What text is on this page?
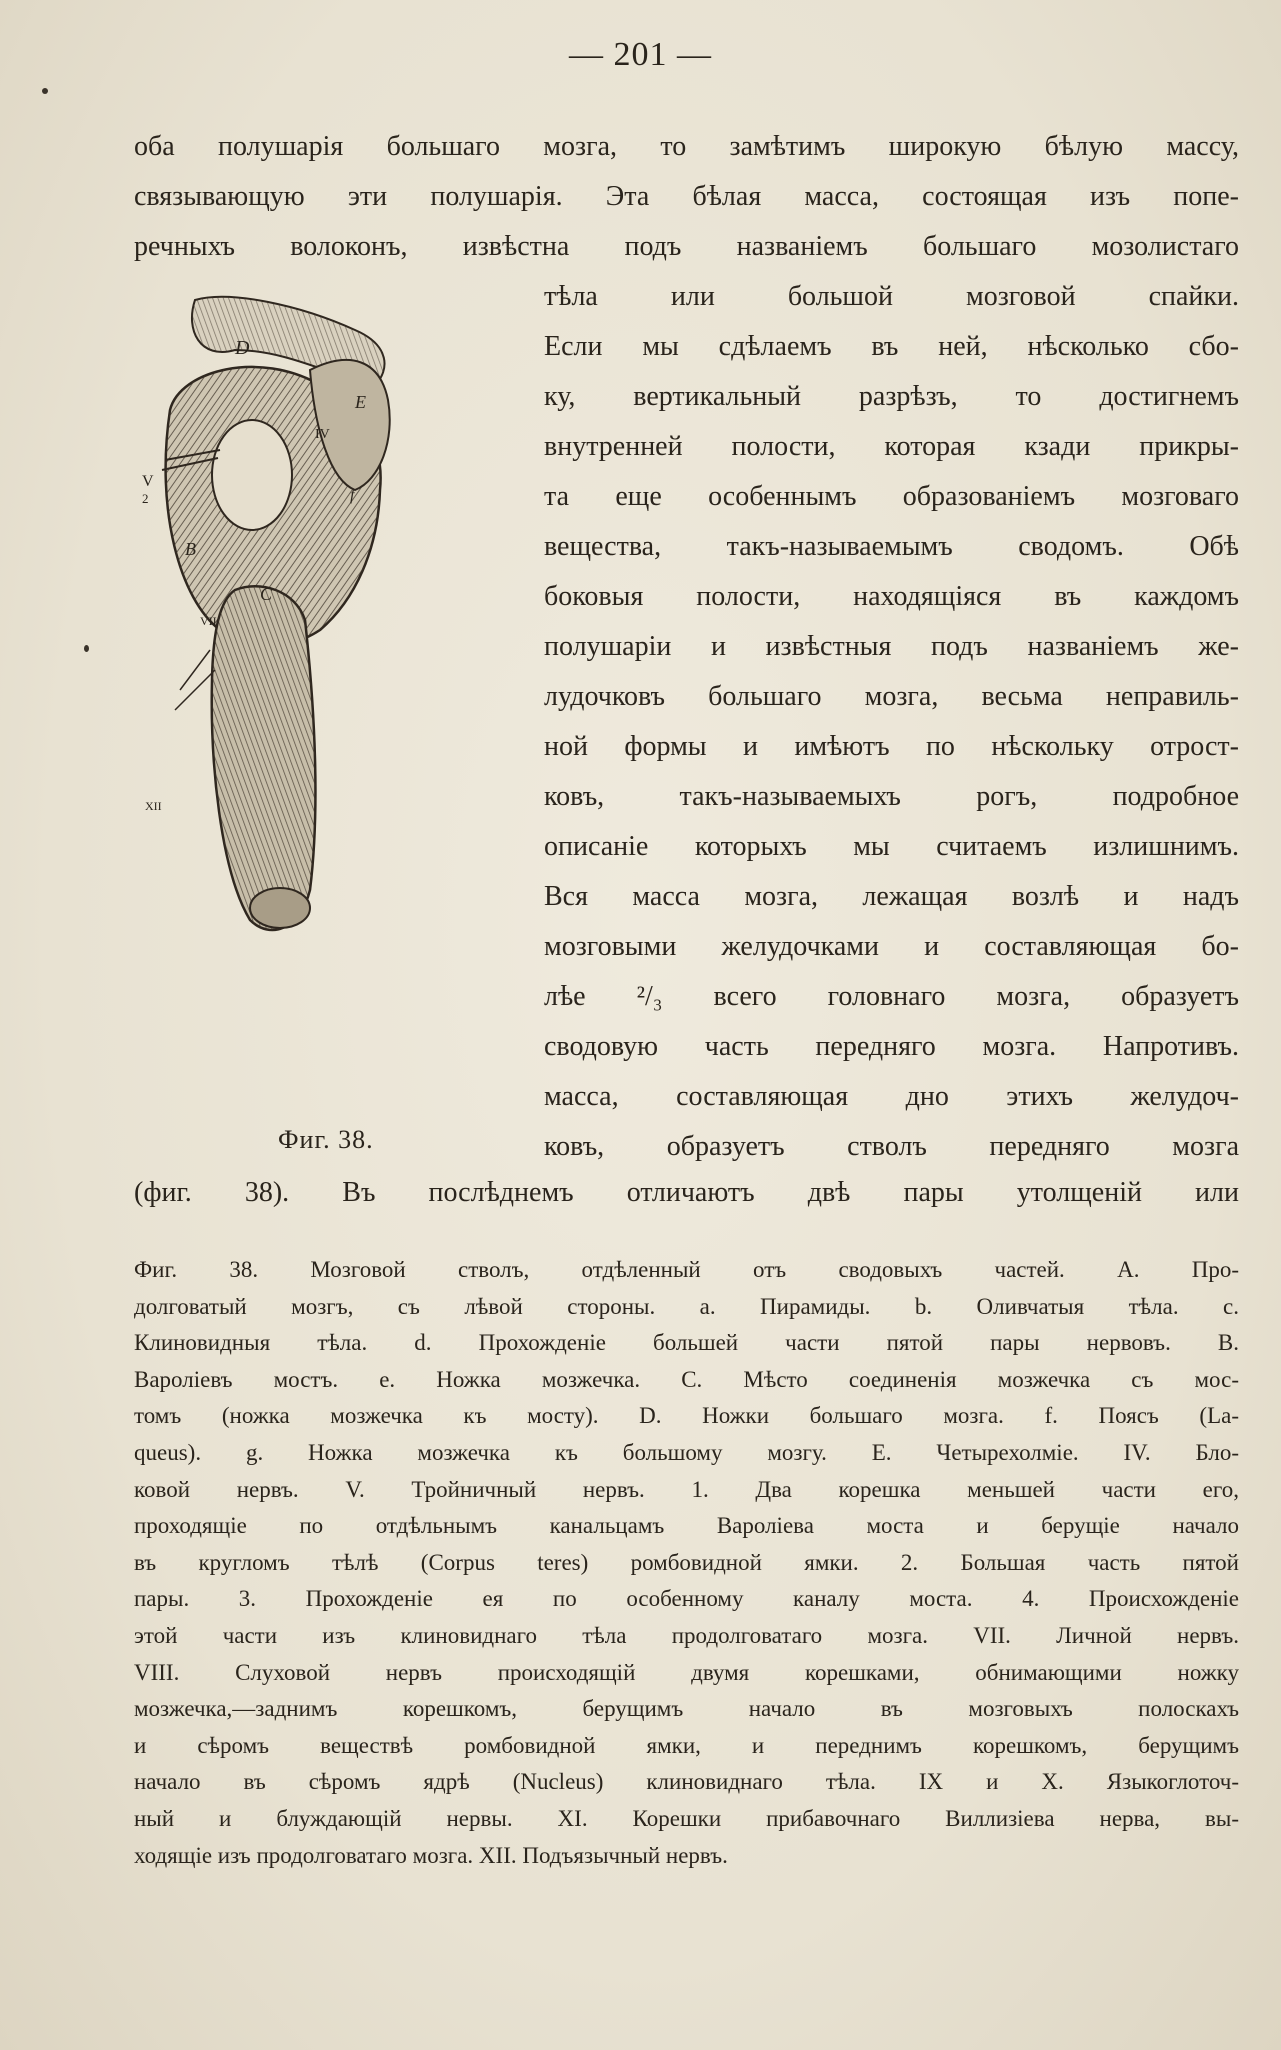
— 201 —
оба полушарія большаго мозга, то замѣтимъ широкую бѣлую массу,
связывающую эти полушарія. Эта бѣлая масса, состоящая изъ попе-
речныхъ волоконъ, извѣстна подъ названіемъ большаго мозолистаго
тѣла или большой мозговой спайки.
Если мы сдѣлаемъ въ ней, нѣсколько сбо-
ку, вертикальный разрѣзъ, то достигнемъ
внутренней полости, которая кзади прикры-
та еще особеннымъ образованіемъ мозговаго
вещества, такъ-называемымъ сводомъ. Обѣ
боковыя полости, находящіяся въ каждомъ
полушаріи и извѣстныя подъ названіемъ же-
лудочковъ большаго мозга, весьма неправиль-
ной формы и имѣютъ по нѣскольку отрост-
ковъ, такъ-называемыхъ рогъ, подробное
описаніе которыхъ мы считаемъ излишнимъ.
Вся масса мозга, лежащая возлѣ и надъ
мозговыми желудочками и составляющая бо-
лѣе ²/₃ всего головнаго мозга, образуетъ
сводовую часть передняго мозга. Напротивъ.
масса, составляющая дно этихъ желудоч-
ковъ, образуетъ стволъ передняго мозга
D
E
IV
V
2	f
B
C
VII
XII
Фиг. 38.
(фиг. 38). Въ послѣднемъ отличаютъ двѣ пары утолщеній или
Фиг. 38. Мозговой стволъ, отдѣленный отъ сводовыхъ частей. А. Про-
долговатый мозгъ, съ лѣвой стороны. a. Пирамиды. b. Оливчатыя тѣла. c.
Клиновидныя тѣла. d. Прохожденіе большей части пятой пары нервовъ. B.
Вароліевъ мостъ. e. Ножка мозжечка. C. Мѣсто соединенія мозжечка съ мос-
томъ (ножка мозжечка къ мосту). D. Ножки большаго мозга. f. Поясъ (La-
queus). g. Ножка мозжечка къ большому мозгу. E. Четырехолміе. IV. Бло-
ковой нервъ. V. Тройничный нервъ. 1. Два корешка меньшей части его,
проходящіе по отдѣльнымъ канальцамъ Вароліева моста и берущіе начало
въ кругломъ тѣлѣ (Corpus teres) ромбовидной ямки. 2. Большая часть пятой
пары. 3. Прохожденіе ея по особенному каналу моста. 4. Происхожденіе
этой части изъ клиновиднаго тѣла продолговатаго мозга. VII. Личной нервъ.
VIII. Слуховой нервъ происходящій двумя корешками, обнимающими ножку
мозжечка,—заднимъ корешкомъ, берущимъ начало въ мозговыхъ полоскахъ
и сѣромъ веществѣ ромбовидной ямки, и переднимъ корешкомъ, берущимъ
начало въ сѣромъ ядрѣ (Nucleus) клиновиднаго тѣла. IX и X. Языкоглоточ-
ный и блуждающій нервы. XI. Корешки прибавочнаго Виллизіева нерва, вы-
ходящіе изъ продолговатаго мозга. XII. Подъязычный нервъ.
